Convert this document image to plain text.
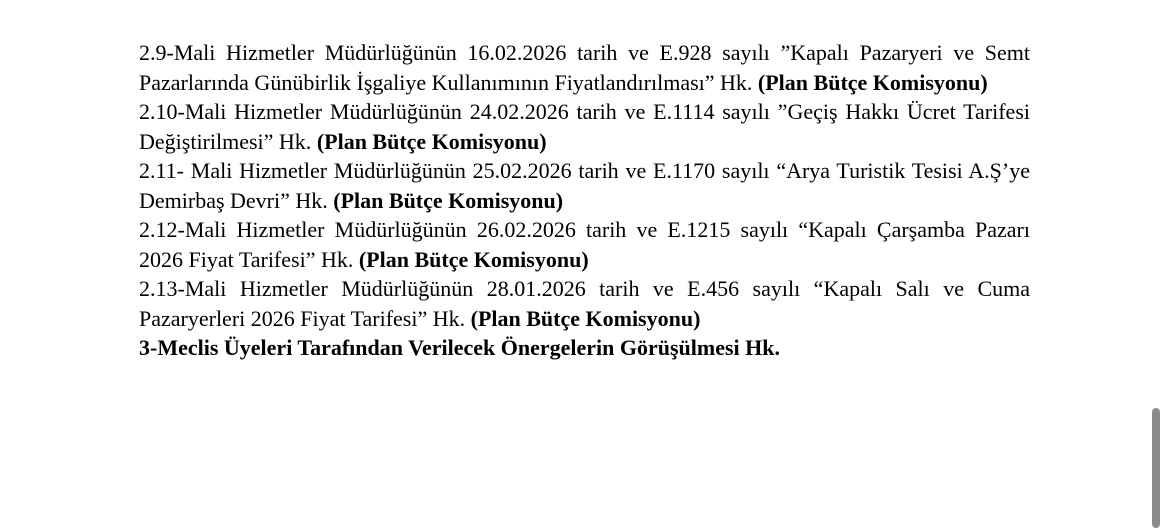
2.9-Mali Hizmetler Müdürlüğünün 16.02.2026 tarih ve E.928 sayılı ”Kapalı Pazaryeri ve Semt Pazarlarında Günübirlik İşgaliye Kullanımının Fiyatlandırılması” Hk. (Plan Bütçe Komisyonu)

2.10-Mali Hizmetler Müdürlüğünün 24.02.2026 tarih ve E.1114 sayılı ”Geçiş Hakkı Ücret Tarifesi Değiştirilmesi” Hk. (Plan Bütçe Komisyonu)

2.11- Mali Hizmetler Müdürlüğünün 25.02.2026 tarih ve E.1170 sayılı “Arya Turistik Tesisi A.Ş’ye Demirbaş Devri” Hk. (Plan Bütçe Komisyonu)

2.12-Mali Hizmetler Müdürlüğünün 26.02.2026 tarih ve E.1215 sayılı “Kapalı Çarşamba Pazarı 2026 Fiyat Tarifesi” Hk. (Plan Bütçe Komisyonu)

2.13-Mali Hizmetler Müdürlüğünün 28.01.2026 tarih ve E.456 sayılı “Kapalı Salı ve Cuma Pazaryerleri 2026 Fiyat Tarifesi” Hk. (Plan Bütçe Komisyonu)

3-Meclis Üyeleri Tarafından Verilecek Önergelerin Görüşülmesi Hk.
